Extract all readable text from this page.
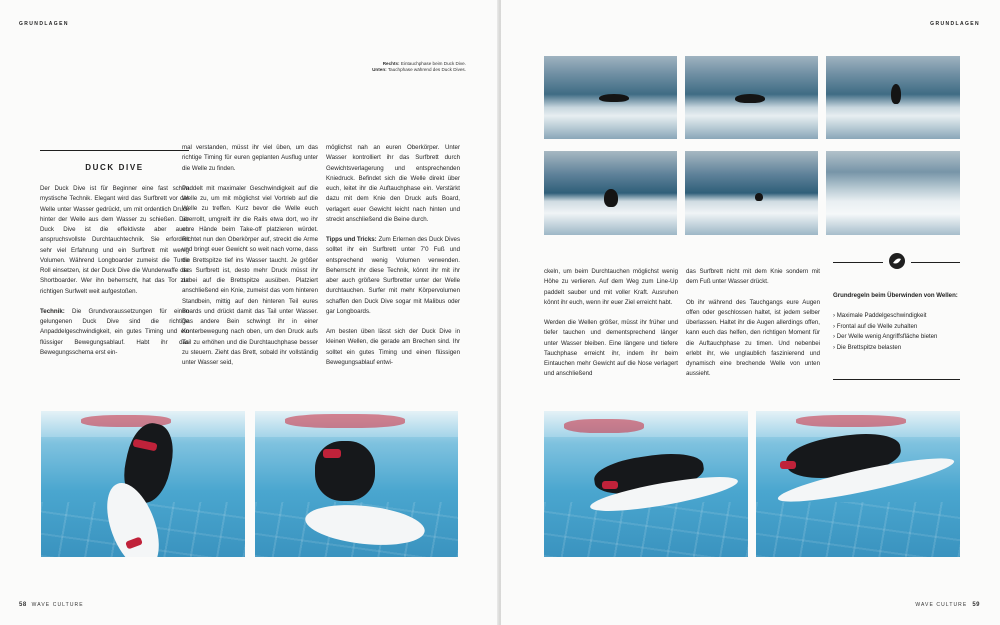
GRUNDLAGEN
Rechts: Eintauchphase beim Duck Dive.
Unten: Tauchphase während des Duck Dives.
DUCK DIVE

Der Duck Dive ist für Beginner eine fast schon mystische Technik. Elegant wird das Surfbrett vor der Welle unter Wasser gedrückt, um mit ordentlich Druck hinter der Welle aus dem Wasser zu schießen. Der Duck Dive ist die effektivste aber auch anspruchsvollste Durchtauchtechnik. Sie erfordert sehr viel Erfahrung und ein Surfbrett mit wenig Volumen. Während Longboarder zumeist die Turtle Roll einsetzen, ist der Duck Dive die Wunderwaffe der Shortboarder. Wer ihn beherrscht, hat das Tor zur richtigen Surfwelt weit aufgestoßen.

Technik: Die Grundvoraussetzungen für einen gelungenen Duck Dive sind die richtige Anpaddelgeschwindigkeit, ein gutes Timing und ein flüssiger Bewegungsablauf. Habt ihr das Bewegungsschema erst ein-

mal verstanden, müsst ihr viel üben, um das richtige Timing für euren geplanten Ausflug unter die Welle zu finden.

Paddelt mit maximaler Geschwindigkeit auf die Welle zu, um mit möglichst viel Vortrieb auf die Welle zu treffen. Kurz bevor die Welle euch überrollt, umgreift ihr die Rails etwa dort, wo ihr eure Hände beim Take-off platzieren würdet. Richtet nun den Oberkörper auf, streckt die Arme und bringt euer Gewicht so weit nach vorne, dass die Brettspitze tief ins Wasser taucht. Je größer das Surfbrett ist, desto mehr Druck müsst ihr dabei auf die Brettspitze ausüben. Platziert anschließend ein Knie, zumeist das vom hinteren Standbein, mittig auf den hinteren Teil eures Boards und drückt damit das Tail unter Wasser. Das andere Bein schwingt ihr in einer Konterbewegung nach oben, um den Druck aufs Tail zu erhöhen und die Durchtauchphase besser zu steuern. Zieht das Brett, sobald ihr vollständig unter Wasser seid,

möglichst nah an euren Oberkörper. Unter Wasser kontrolliert ihr das Surfbrett durch Gewichtsverlagerung und entsprechenden Kniedruck. Befindet sich die Welle direkt über euch, leitet ihr die Auftauchphase ein. Verstärkt dazu mit dem Knie den Druck aufs Board, verlagert euer Gewicht leicht nach hinten und streckt anschließend die Beine durch.

Tipps und Tricks: Zum Erlernen des Duck Dives solltet ihr ein Surfbrett unter 7'0 Fuß und entsprechend wenig Volumen verwenden. Beherrscht ihr diese Technik, könnt ihr mit ihr aber auch größere Surfbretter unter der Welle durchtauchen. Surfer mit mehr Körpervolumen schaffen den Duck Dive sogar mit Malibus oder gar Longboards.

Am besten üben lässt sich der Duck Dive in kleinen Wellen, die gerade am Brechen sind. Ihr solltet ein gutes Timing und einen flüssigen Bewegungsablauf entwi-

58 WAVE CULTURE
GRUNDLAGEN

ckeln, um beim Durchtauchen möglichst wenig Höhe zu verlieren. Auf dem Weg zum Line-Up paddelt sauber und mit voller Kraft. Ausruhen könnt ihr euch, wenn ihr euer Ziel erreicht habt.

Werden die Wellen größer, müsst ihr früher und tiefer tauchen und dementsprechend länger unter Wasser bleiben. Eine längere und tiefere Tauchphase erreicht ihr, indem ihr beim Eintauchen mehr Gewicht auf die Nose verlagert und anschließend

das Surfbrett nicht mit dem Knie sondern mit dem Fuß unter Wasser drückt.

Ob ihr während des Tauchgangs eure Augen offen oder geschlossen haltet, ist jedem selber überlassen. Haltet ihr die Augen allerdings offen, kann euch das helfen, den richtigen Moment für die Auftauchphase zu timen. Und nebenbei erlebt ihr, wie unglaublich faszinierend und dynamisch eine brechende Welle von unten aussieht.

WAVE CULTURE 59
Grundregeln beim Überwinden von Wellen:
› Maximale Paddelgeschwindigkeit
› Frontal auf die Welle zuhalten
› Der Welle wenig Angriffsfläche bieten
› Die Brettspitze belasten
